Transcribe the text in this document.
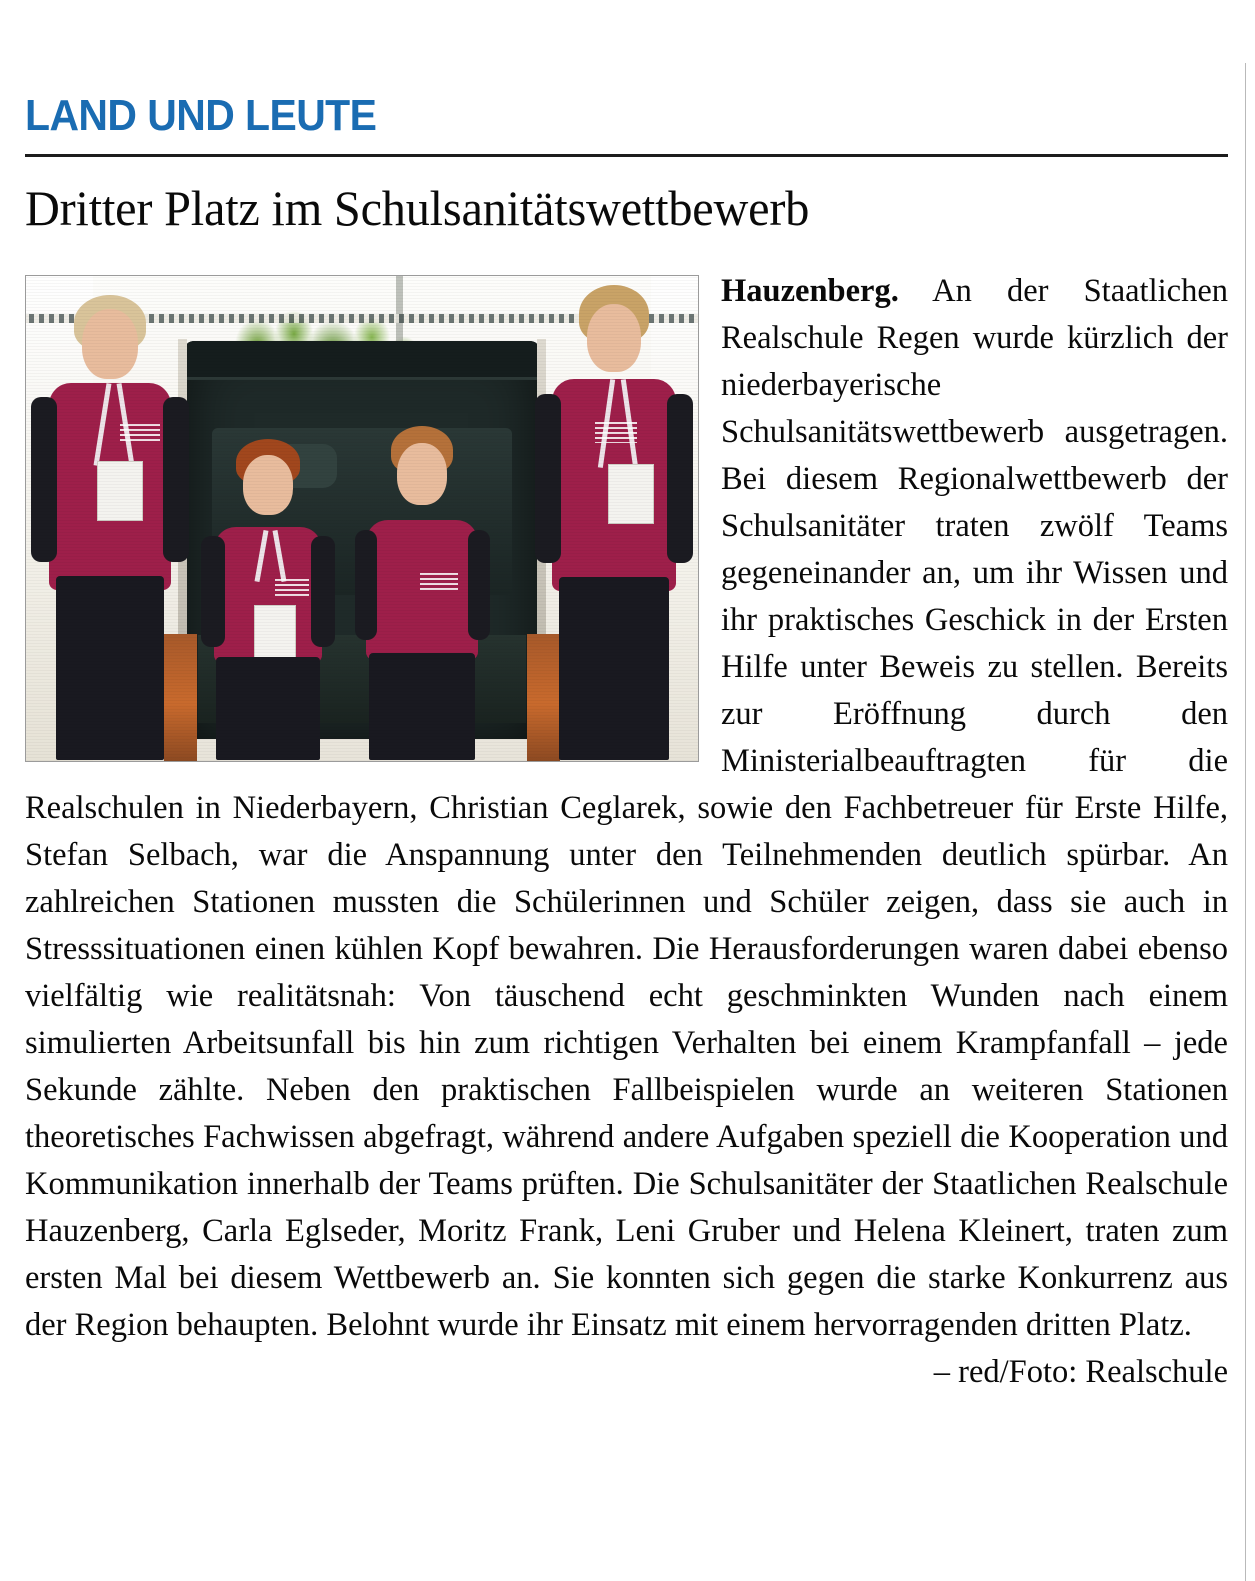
LAND UND LEUTE
Dritter Platz im Schulsanitätswettbewerb

Hauzenberg. An der Staatlichen Realschule Regen wurde kürzlich der niederbayerische Schulsanitätswettbewerb ausgetragen. Bei diesem Regionalwettbewerb der Schulsanitäter traten zwölf Teams gegeneinander an, um ihr Wissen und ihr praktisches Geschick in der Ersten Hilfe unter Beweis zu stellen. Bereits zur Eröffnung durch den Ministerialbeauftragten für die Realschulen in Niederbayern, Christian Ceglarek, sowie den Fachbetreuer für Erste Hilfe, Stefan Selbach, war die Anspannung unter den Teilnehmenden deutlich spürbar. An zahlreichen Stationen mussten die Schülerinnen und Schüler zeigen, dass sie auch in Stresssituationen einen kühlen Kopf bewahren. Die Herausforderungen waren dabei ebenso vielfältig wie realitätsnah: Von täuschend echt geschminkten Wunden nach einem simulierten Arbeitsunfall bis hin zum richtigen Verhalten bei einem Krampfanfall – jede Sekunde zählte. Neben den praktischen Fallbeispielen wurde an weiteren Stationen theoretisches Fachwissen abgefragt, während andere Aufgaben speziell die Kooperation und Kommunikation innerhalb der Teams prüften. Die Schulsanitäter der Staatlichen Realschule Hauzenberg, Carla Eglseder, Moritz Frank, Leni Gruber und Helena Kleinert, traten zum ersten Mal bei diesem Wettbewerb an. Sie konnten sich gegen die starke Konkurrenz aus der Region behaupten. Belohnt wurde ihr Einsatz mit einem hervorragenden dritten Platz.
– red/Foto: Realschule
